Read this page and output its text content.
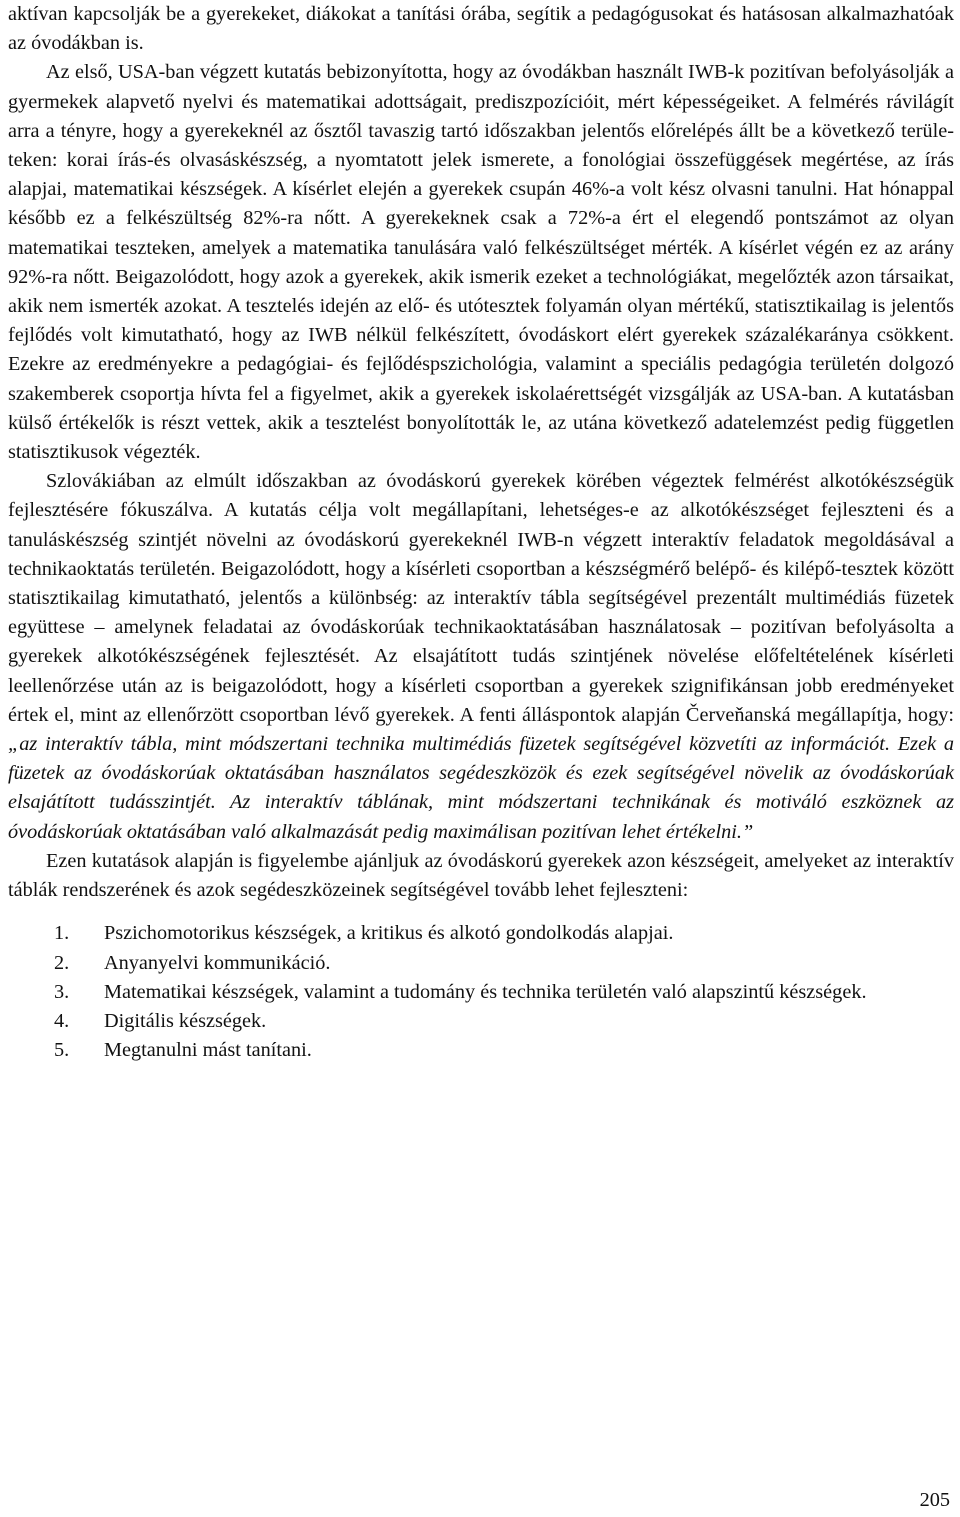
aktívan kapcsolják be a gyerekeket, diákokat a tanítási órába, segítik a pedagógusokat és hatásosan alkalmazhatóak az óvodákban is.

Az első, USA-ban végzett kutatás bebizonyította, hogy az óvodákban használt IWB-k pozitívan befolyásolják a gyermekek alapvető nyelvi és matematikai adottságait, prediszpozícióit, mért képességeiket. A felmérés rávilágít arra a tényre, hogy a gyerekeknél az ősztől tavaszig tartó időszakban jelentős előrelépés állt be a következő területeken: korai írás-és olvasáskészség, a nyomtatott jelek ismerete, a fonológiai összefüggések megértése, az írás alapjai, matematikai készségek. A kísérlet elején a gyerekek csupán 46%-a volt kész olvasni tanulni. Hat hónappal később ez a felkészültség 82%-ra nőtt. A gyerekeknek csak a 72%-a ért el elegendő pontszámot az olyan matematikai teszteken, amelyek a matematika tanulására való felkészültséget mérték. A kísérlet végén ez az arány 92%-ra nőtt. Beigazolódott, hogy azok a gyerekek, akik ismerik ezeket a technológiákat, megelőzték azon társaikat, akik nem ismerték azokat. A tesztelés idején az elő- és utótesztek folyamán olyan mértékű, statisztikailag is jelentős fejlődés volt kimutatható, hogy az IWB nélkül felkészített, óvodáskort elért gyerekek százalékaránya csökkent. Ezekre az eredményekre a pedagógiai- és fejlődéspszichológia, valamint a speciális pedagógia területén dolgozó szakemberek csoportja hívta fel a figyelmet, akik a gyerekek iskolaérettségét vizsgálják az USA-ban. A kutatásban külső értékelők is részt vettek, akik a tesztelést bonyolították le, az utána következő adatelemzést pedig független statisztikusok végezték.

Szlovákiában az elmúlt időszakban az óvodáskorú gyerekek körében végeztek felmérést alkotókészségük fejlesztésére fókuszálva. A kutatás célja volt megállapítani, lehetséges-e az alkotókészséget fejleszteni és a tanuláskészség szintjét növelni az óvodáskorú gyerekeknél IWB-n végzett interaktív feladatok megoldásával a technikaoktatás területén. Beigazolódott, hogy a kísérleti csoportban a készségmérő belépő- és kilépő-tesztek között statisztikailag kimutatható, jelentős a különbség: az interaktív tábla segítségével prezentált multimédiás füzetek együttese – amelynek feladatai az óvodáskorúak technikaoktatásában használatosak – pozitívan befolyásolta a gyerekek alkotókészségének fejlesztését. Az elsajátított tudás szintjének növelése előfeltételének kísérleti leellenőrzése után az is beigazolódott, hogy a kísérleti csoportban a gyerekek szignifikánsan jobb eredményeket értek el, mint az ellenőrzött csoportban lévő gyerekek. A fenti álláspontok alapján Červeňanská megállapítja, hogy: „az interaktív tábla, mint módszertani technika multimédiás füzetek segítségével közvetíti az információt. Ezek a füzetek az óvodáskorúak oktatásában használatos segédeszközök és ezek segítségével növelik az óvodáskorúak elsajátított tudásszintjét. Az interaktív táblának, mint módszertani technikának és motiváló eszköznek az óvodáskorúak oktatásában való alkalmazását pedig maximálisan pozitívan lehet értékelni.”

Ezen kutatások alapján is figyelembe ajánljuk az óvodáskorú gyerekek azon készségeit, amelyeket az interaktív táblák rendszerének és azok segédeszközeinek segítségével tovább lehet fejleszteni:

1. Pszichomotorikus készségek, a kritikus és alkotó gondolkodás alapjai.
2. Anyanyelvi kommunikáció.
3. Matematikai készségek, valamint a tudomány és technika területén való alapszintű készségek.
4. Digitális készségek.
5. Megtanulni mást tanítani.
205
